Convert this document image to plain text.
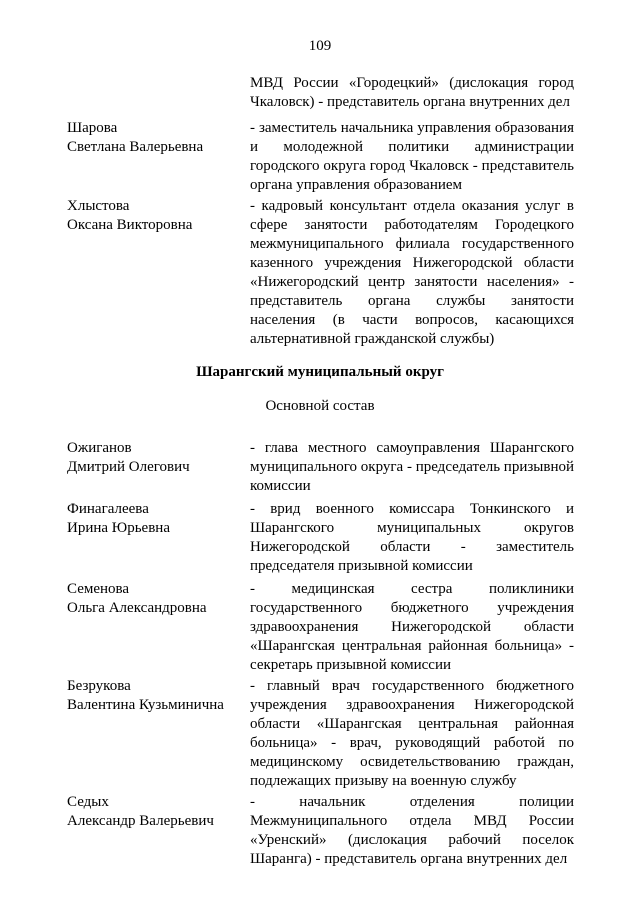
109
МВД России «Городецкий» (дислокация город Чкаловск) - представитель органа внутренних дел
Шарова
Светлана Валерьевна
- заместитель начальника управления образования и молодежной политики администрации городского округа город Чкаловск - представитель органа управления образованием
Хлыстова
Оксана Викторовна
- кадровый консультант отдела оказания услуг в сфере занятости работодателям Городецкого межмуниципального филиала государственного казенного учреждения Нижегородской области «Нижегородский центр занятости населения» - представитель органа службы занятости населения (в части вопросов, касающихся альтернативной гражданской службы)
Шарангский муниципальный округ
Основной состав
Ожиганов
Дмитрий Олегович
- глава местного самоуправления Шарангского муниципального округа - председатель призывной комиссии
Финагалеева
Ирина Юрьевна
- врид военного комиссара Тонкинского и Шарангского муниципальных округов Нижегородской области - заместитель председателя призывной комиссии
Семенова
Ольга Александровна
- медицинская сестра поликлиники государственного бюджетного учреждения здравоохранения Нижегородской области «Шарангская центральная районная больница» - секретарь призывной комиссии
Безрукова
Валентина Кузьминична
- главный врач государственного бюджетного учреждения здравоохранения Нижегородской области «Шарангская центральная районная больница» - врач, руководящий работой по медицинскому освидетельствованию граждан, подлежащих призыву на военную службу
Седых
Александр Валерьевич
- начальник отделения полиции Межмуниципального отдела МВД России «Уренский» (дислокация рабочий поселок Шаранга) - представитель органа внутренних дел
